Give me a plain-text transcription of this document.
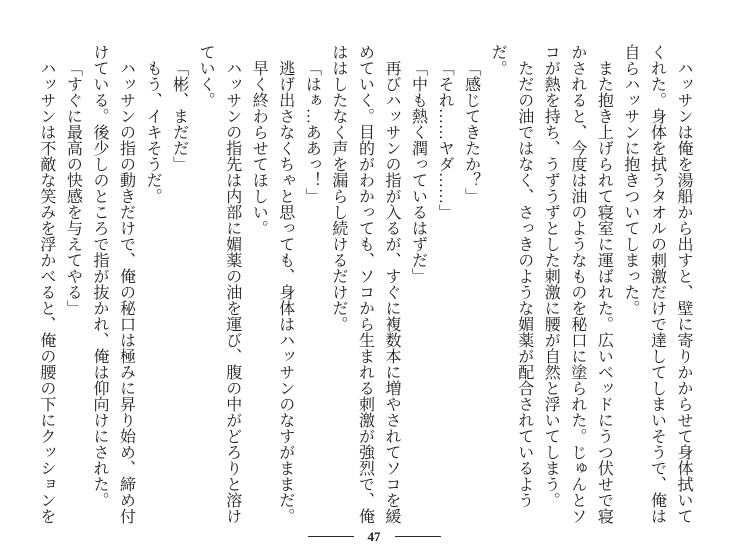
ハッサンは俺を湯船から出すと、壁に寄りかからせて身体拭いて

くれた。身体を拭うタオルの刺激だけで達してしまいそうで、俺は

自らハッサンに抱きついてしまった。

また抱き上げられて寝室に運ばれた。広いベッドにうつ伏せで寝

かされると、今度は油のようなものを秘口に塗られた。じゅんとソ

コが熱を持ち、うずうずとした刺激に腰が自然と浮いてしまう。

ただの油ではなく、さっきのような媚薬が配合されているようだ。

「感じてきたか？」

「それ……ヤダ……」

「中も熱く潤っているはずだ」

再びハッサンの指が入るが、すぐに複数本に増やされてソコを緩

めていく。目的がわかっても、ソコから生まれる刺激が強烈で、俺

ははしたなく声を漏らし続けるだけだ。

「はぁ…ああっ！」

逃げ出さなくちゃと思っても、身体はハッサンのなすがままだ。

早く終わらせてほしい。

ハッサンの指先は内部に媚薬の油を運び、腹の中がどろりと溶け

ていく。

「彬、まだだ」

もう、イキそうだ。

ハッサンの指の動きだけで、俺の秘口は極みに昇り始め、締め付

けている。後少しのところで指が抜かれ、俺は仰向けにされた。

「すぐに最高の快感を与えてやる」

ハッサンは不敵な笑みを浮かべると、俺の腰の下にクッションを

47
